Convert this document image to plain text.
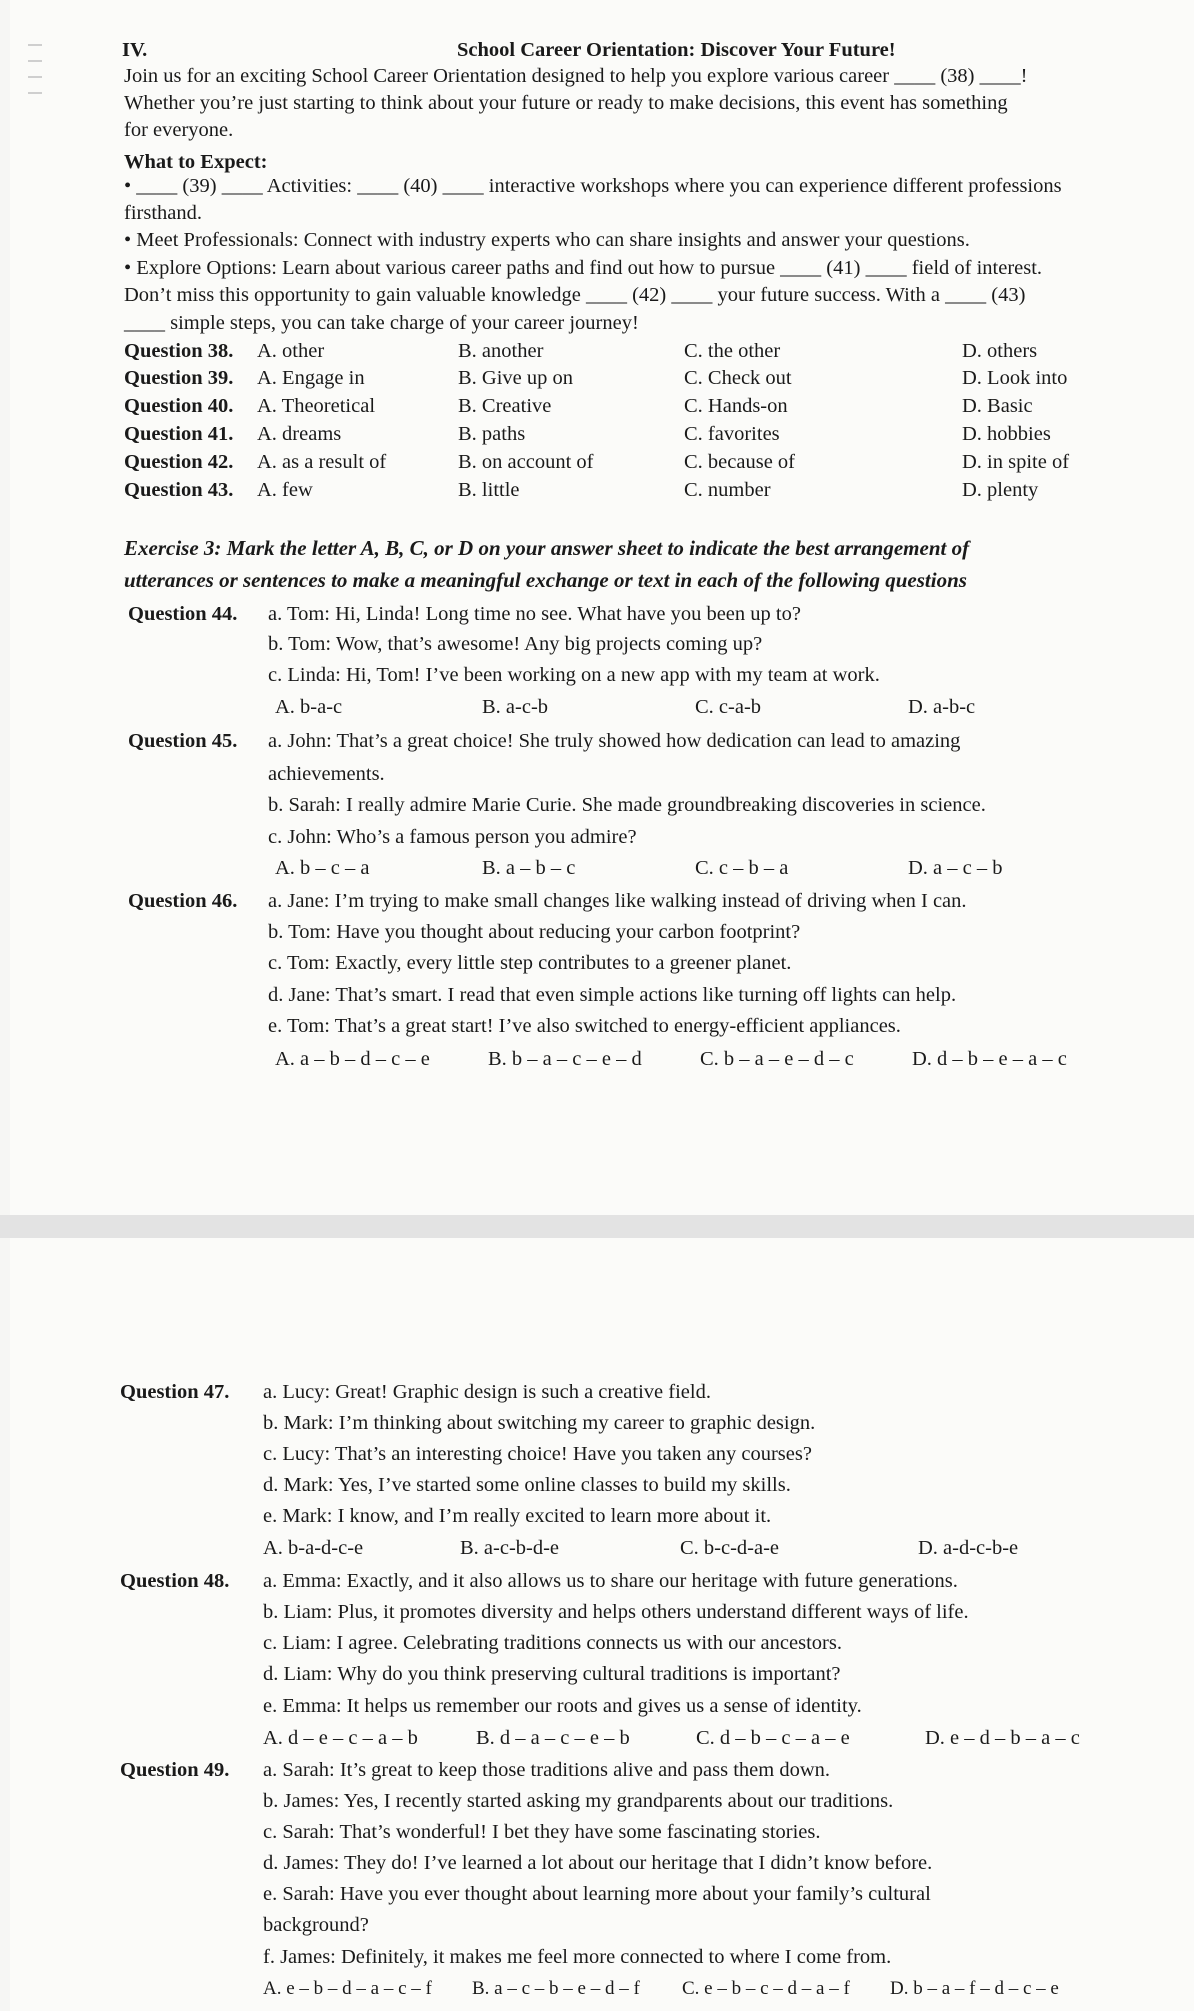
IV.	School Career Orientation: Discover Your Future!
Join us for an exciting School Career Orientation designed to help you explore various career ____ (38) ____!
Whether you’re just starting to think about your future or ready to make decisions, this event has something
for everyone.
What to Expect:
• ____ (39) ____ Activities: ____ (40) ____ interactive workshops where you can experience different professions
firsthand.
• Meet Professionals: Connect with industry experts who can share insights and answer your questions.
• Explore Options: Learn about various career paths and find out how to pursue ____ (41) ____ field of interest.
Don’t miss this opportunity to gain valuable knowledge ____ (42) ____ your future success. With a ____ (43)
____ simple steps, you can take charge of your career journey!
Question 38. A. other	B. another	C. the other	D. others
Question 39. A. Engage in	B. Give up on	C. Check out	D. Look into
Question 40. A. Theoretical	B. Creative	C. Hands-on	D. Basic
Question 41. A. dreams	B. paths	C. favorites	D. hobbies
Question 42. A. as a result of	B. on account of	C. because of	D. in spite of
Question 43. A. few	B. little	C. number	D. plenty
Exercise 3: Mark the letter A, B, C, or D on your answer sheet to indicate the best arrangement of
utterances or sentences to make a meaningful exchange or text in each of the following questions
Question 44. a. Tom: Hi, Linda! Long time no see. What have you been up to?
b. Tom: Wow, that’s awesome! Any big projects coming up?
c. Linda: Hi, Tom! I’ve been working on a new app with my team at work.
A. b-a-c	B. a-c-b	C. c-a-b	D. a-b-c
Question 45. a. John: That’s a great choice! She truly showed how dedication can lead to amazing
achievements.
b. Sarah: I really admire Marie Curie. She made groundbreaking discoveries in science.
c. John: Who’s a famous person you admire?
A. b – c – a	B. a – b – c	C. c – b – a	D. a – c – b
Question 46. a. Jane: I’m trying to make small changes like walking instead of driving when I can.
b. Tom: Have you thought about reducing your carbon footprint?
c. Tom: Exactly, every little step contributes to a greener planet.
d. Jane: That’s smart. I read that even simple actions like turning off lights can help.
e. Tom: That’s a great start! I’ve also switched to energy-efficient appliances.
A. a – b – d – c – e	B. b – a – c – e – d	C. b – a – e – d – c	D. d – b – e – a – c
Question 47. a. Lucy: Great! Graphic design is such a creative field.
b. Mark: I’m thinking about switching my career to graphic design.
c. Lucy: That’s an interesting choice! Have you taken any courses?
d. Mark: Yes, I’ve started some online classes to build my skills.
e. Mark: I know, and I’m really excited to learn more about it.
A. b-a-d-c-e	B. a-c-b-d-e	C. b-c-d-a-e	D. a-d-c-b-e
Question 48. a. Emma: Exactly, and it also allows us to share our heritage with future generations.
b. Liam: Plus, it promotes diversity and helps others understand different ways of life.
c. Liam: I agree. Celebrating traditions connects us with our ancestors.
d. Liam: Why do you think preserving cultural traditions is important?
e. Emma: It helps us remember our roots and gives us a sense of identity.
A. d – e – c – a – b	B. d – a – c – e – b	C. d – b – c – a – e	D. e – d – b – a – c
Question 49. a. Sarah: It’s great to keep those traditions alive and pass them down.
b. James: Yes, I recently started asking my grandparents about our traditions.
c. Sarah: That’s wonderful! I bet they have some fascinating stories.
d. James: They do! I’ve learned a lot about our heritage that I didn’t know before.
e. Sarah: Have you ever thought about learning more about your family’s cultural
background?
f. James: Definitely, it makes me feel more connected to where I come from.
A. e – b – d – a – c – f B. a – c – b – e – d – f C. e – b – c – d – a – f D. b – a – f – d – c – e
